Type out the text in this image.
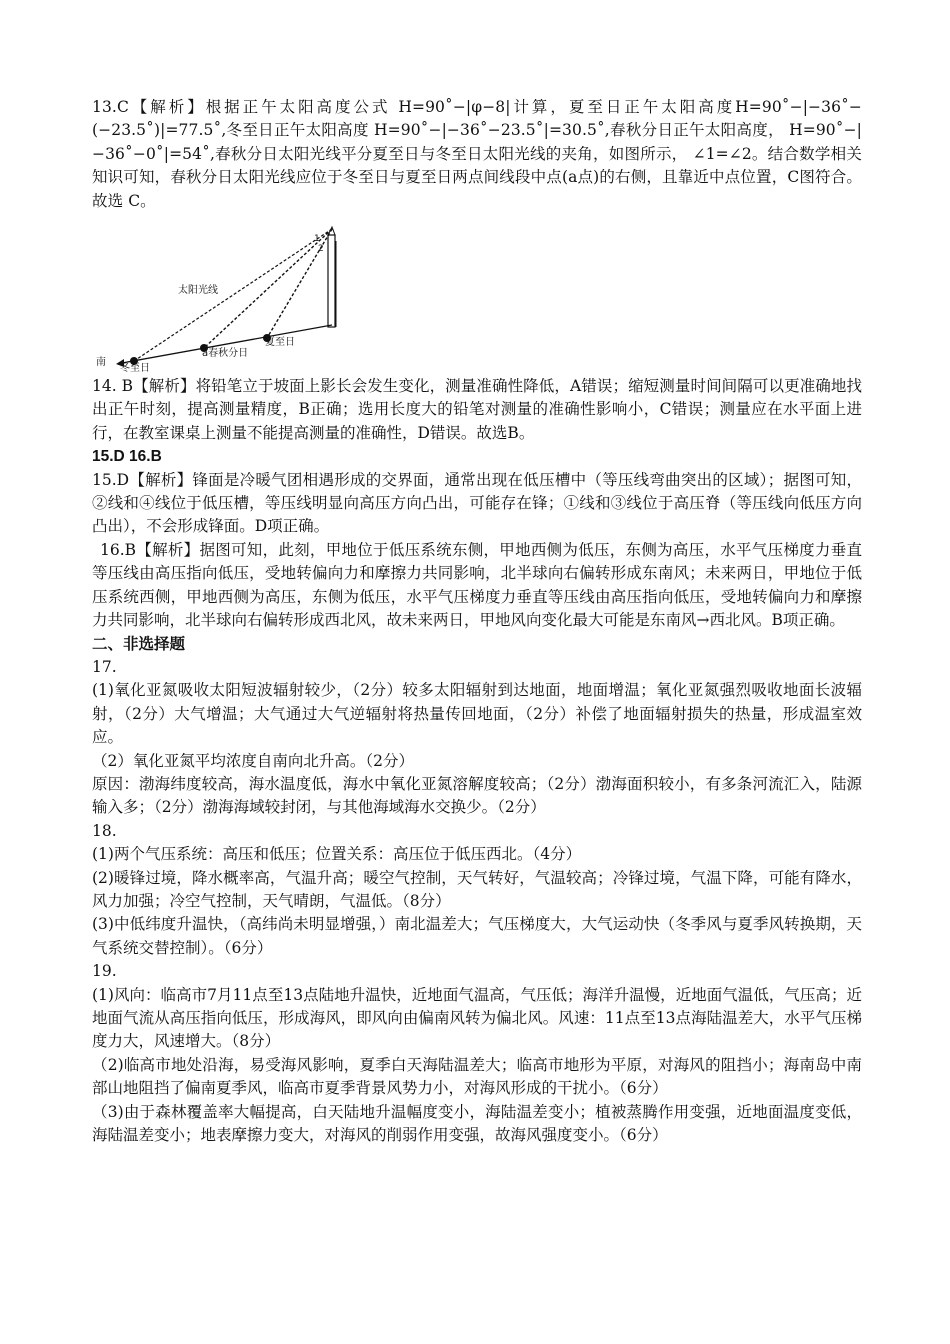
13.C【解析】根据正午太阳高度公式 H=90˚−|φ−8|计算，夏至日正午太阳高度H=90˚−|−36˚−(−23.5˚)|=77.5˚,冬至日正午太阳高度 H=90˚−|−36˚−23.5˚|=30.5˚,春秋分日正午太阳高度， H=90˚−|−36˚−0˚|=54˚,春秋分日太阳光线平分夏至日与冬至日太阳光线的夹角，如图所示， ∠1=∠2。结合数学相关知识可知，春秋分日太阳光线应位于冬至日与夏至日两点间线段中点(a点)的右侧，且靠近中点位置，C图符合。故选 C。

太阳光线
南
冬至日
a春秋分日
夏至日
1
2

14. B【解析】将铅笔立于坡面上影长会发生变化，测量准确性降低，A错误；缩短测量时间间隔可以更准确地找出正午时刻，提高测量精度，B正确；选用长度大的铅笔对测量的准确性影响小，C错误；测量应在水平面上进行，在教室课桌上测量不能提高测量的准确性，D错误。故选B。

15.D 16.B

15.D【解析】锋面是冷暖气团相遇形成的交界面，通常出现在低压槽中（等压线弯曲突出的区域）；据图可知，②线和④线位于低压槽，等压线明显向高压方向凸出，可能存在锋；①线和③线位于高压脊（等压线向低压方向凸出），不会形成锋面。D项正确。

16.B【解析】据图可知，此刻，甲地位于低压系统东侧，甲地西侧为低压，东侧为高压，水平气压梯度力垂直等压线由高压指向低压，受地转偏向力和摩擦力共同影响，北半球向右偏转形成东南风；未来两日，甲地位于低压系统西侧，甲地西侧为高压，东侧为低压，水平气压梯度力垂直等压线由高压指向低压，受地转偏向力和摩擦力共同影响，北半球向右偏转形成西北风，故未来两日，甲地风向变化最大可能是东南风→西北风。B项正确。

二、非选择题

17.

(1)氧化亚氮吸收太阳短波辐射较少，（2分）较多太阳辐射到达地面，地面增温；氧化亚氮强烈吸收地面长波辐射，（2分）大气增温；大气通过大气逆辐射将热量传回地面，（2分）补偿了地面辐射损失的热量，形成温室效应。

（2）氧化亚氮平均浓度自南向北升高。（2分）

原因：渤海纬度较高，海水温度低，海水中氧化亚氮溶解度较高；（2分）渤海面积较小，有多条河流汇入，陆源输入多；（2分）渤海海域较封闭，与其他海域海水交换少。（2分）

18.

(1)两个气压系统：高压和低压；位置关系：高压位于低压西北。（4分）

(2)暖锋过境，降水概率高，气温升高；暖空气控制，天气转好，气温较高；冷锋过境，气温下降，可能有降水，风力加强；冷空气控制，天气晴朗，气温低。（8分）

(3)中低纬度升温快，（高纬尚未明显增强，）南北温差大；气压梯度大，大气运动快（冬季风与夏季风转换期，天气系统交替控制）。（6分）

19.

(1)风向：临高市7月11点至13点陆地升温快，近地面气温高，气压低；海洋升温慢，近地面气温低，气压高；近地面气流从高压指向低压，形成海风，即风向由偏南风转为偏北风。风速：11点至13点海陆温差大，水平气压梯度力大，风速增大。（8分）

（2)临高市地处沿海，易受海风影响，夏季白天海陆温差大；临高市地形为平原，对海风的阻挡小；海南岛中南部山地阻挡了偏南夏季风，临高市夏季背景风势力小，对海风形成的干扰小。（6分）

（3)由于森林覆盖率大幅提高，白天陆地升温幅度变小，海陆温差变小；植被蒸腾作用变强，近地面温度变低，海陆温差变小；地表摩擦力变大，对海风的削弱作用变强，故海风强度变小。（6分）
